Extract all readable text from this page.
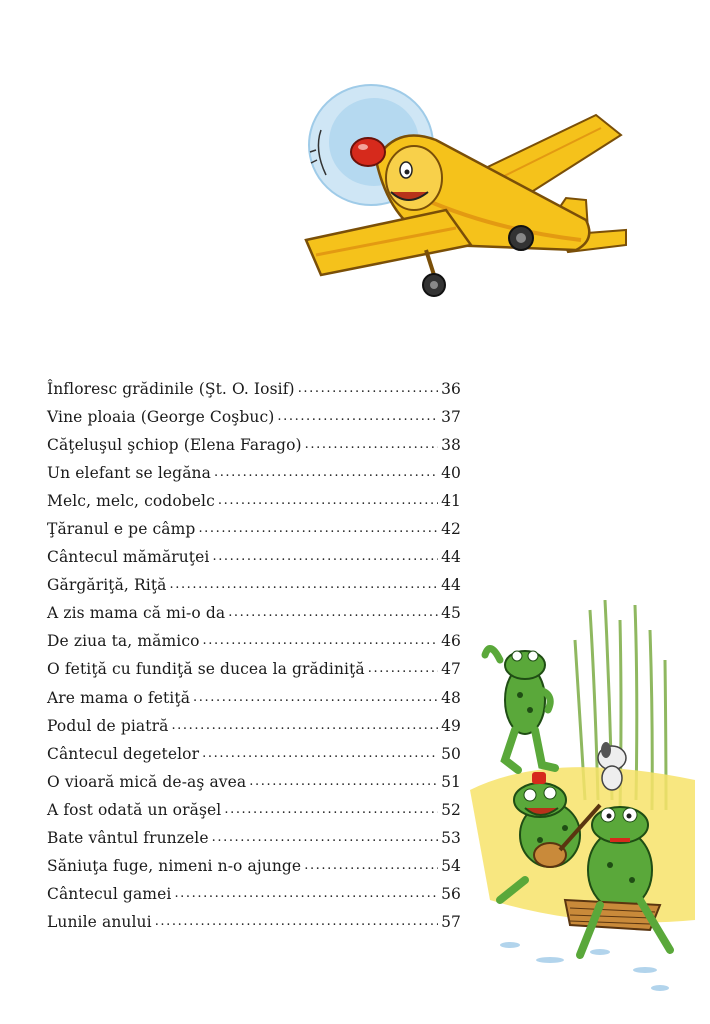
Înfloresc grădinile (Şt. O. Iosif) .....	36
Vine ploaia (George Coşbuc) .....	37
Căţeluşul şchiop (Elena Farago) .....	38
Un elefant se legăna .....	40
Melc, melc, codobelc .....	41
Ţăranul e pe câmp .....	42
Cântecul mămăruţei .....	44
Gărgăriţă, Riţă .....	44
A zis mama că mi-o da .....	45
De ziua ta, mămico .....	46
O fetiţă cu fundiţă se ducea la grădiniţă .....	47
Are mama o fetiţă .....	48
Podul de piatră .....	49
Cântecul degetelor .....	50
O vioară mică de-aş avea .....	51
A fost odată un orăşel .....	52
Bate vântul frunzele .....	53
Săniuţa fuge, nimeni n-o ajunge .....	54
Cântecul gamei .....	56
Lunile anului .....	57
